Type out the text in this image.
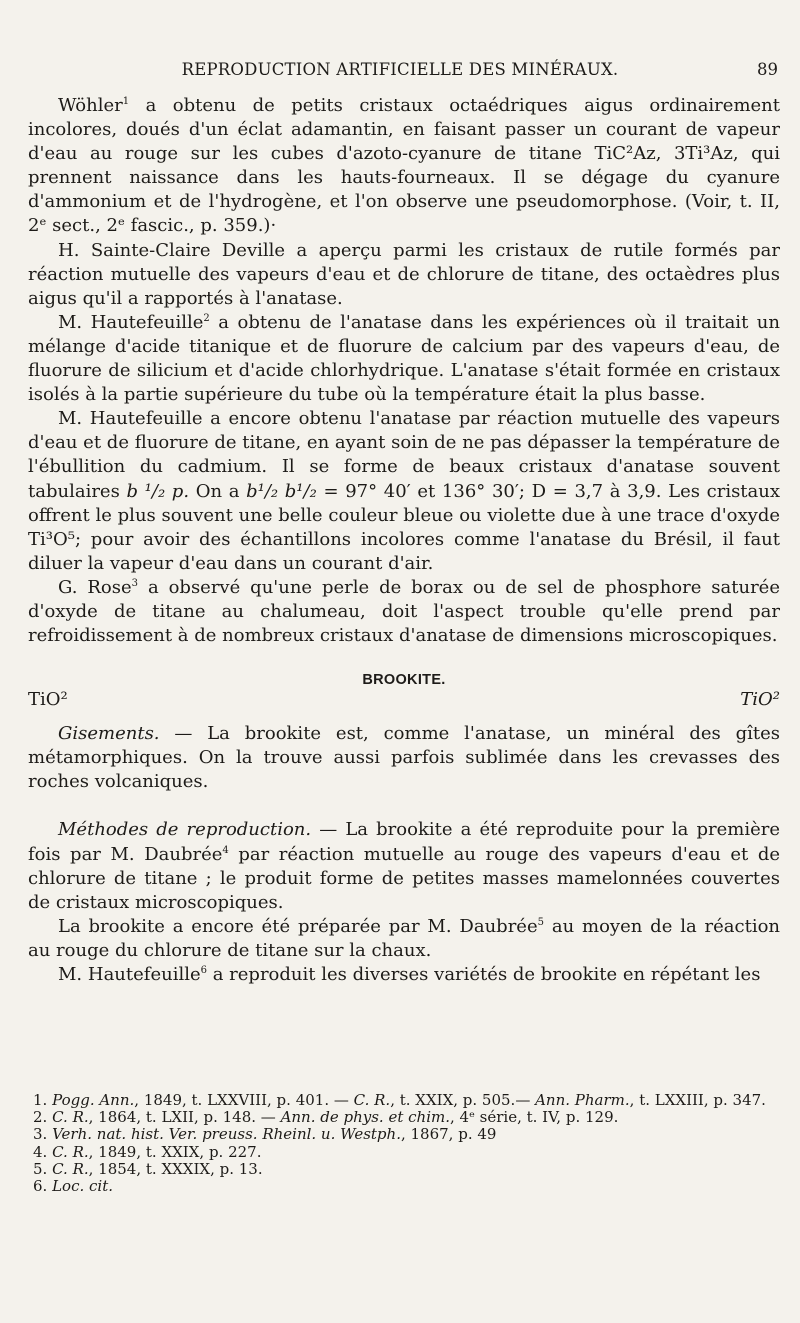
REPRODUCTION ARTIFICIELLE DES MINÉRAUX.	89

Wöhler$^1$ a obtenu de petits cristaux octaédriques aigus ordinairement incolores, doués d'un éclat adamantin, en faisant passer un courant de vapeur d'eau au rouge sur les cubes d'azoto-cyanure de titane TiC²Az, 3Ti³Az, qui prennent naissance dans les hauts-fourneaux. Il se dégage du cyanure d'ammonium et de l'hydrogène, et l'on observe une pseudomorphose. (Voir, t. II, 2ᵉ sect., 2ᵉ fascic., p. 359.)·

H. Sainte-Claire Deville a aperçu parmi les cristaux de rutile formés par réaction mutuelle des vapeurs d'eau et de chlorure de titane, des octaèdres plus aigus qu'il a rapportés à l'anatase.

M. Hautefeuille$^2$ a obtenu de l'anatase dans les expériences où il traitait un mélange d'acide titanique et de fluorure de calcium par des vapeurs d'eau, de fluorure de silicium et d'acide chlorhydrique. L'anatase s'était formée en cristaux isolés à la partie supérieure du tube où la température était la plus basse.

M. Hautefeuille a encore obtenu l'anatase par réaction mutuelle des vapeurs d'eau et de fluorure de titane, en ayant soin de ne pas dépasser la température de l'ébullition du cadmium. Il se forme de beaux cristaux d'anatase souvent tabulaires b ¹/₂ p. On a b¹/₂ b¹/₂ = 97° 40′ et 136° 30′; D = 3,7 à 3,9. Les cristaux offrent le plus souvent une belle couleur bleue ou violette due à une trace d'oxyde Ti³O⁵; pour avoir des échantillons incolores comme l'anatase du Brésil, il faut diluer la vapeur d'eau dans un courant d'air.

G. Rose$^3$ a observé qu'une perle de borax ou de sel de phosphore saturée d'oxyde de titane au chalumeau, doit l'aspect trouble qu'elle prend par refroidissement à de nombreux cristaux d'anatase de dimensions microscopiques.

BROOKITE.
TiO²	TiO²

Gisements. — La brookite est, comme l'anatase, un minéral des gîtes métamorphiques. On la trouve aussi parfois sublimée dans les crevasses des roches volcaniques.

Méthodes de reproduction. — La brookite a été reproduite pour la première fois par M. Daubrée$^4$ par réaction mutuelle au rouge des vapeurs d'eau et de chlorure de titane ; le produit forme de petites masses mamelonnées couvertes de cristaux microscopiques.

La brookite a encore été préparée par M. Daubrée$^5$ au moyen de la réaction au rouge du chlorure de titane sur la chaux.

M. Hautefeuille$^6$ a reproduit les diverses variétés de brookite en répétant les

1. Pogg. Ann., 1849, t. LXXVIII, p. 401. — C. R., t. XXIX, p. 505.— Ann. Pharm., t. LXXIII, p. 347.
2. C. R., 1864, t. LXII, p. 148. — Ann. de phys. et chim., 4ᵉ série, t. IV, p. 129.
3. Verh. nat. hist. Ver. preuss. Rheinl. u. Westph., 1867, p. 49
4. C. R., 1849, t. XXIX, p. 227.
5. C. R., 1854, t. XXXIX, p. 13.
6. Loc. cit.
